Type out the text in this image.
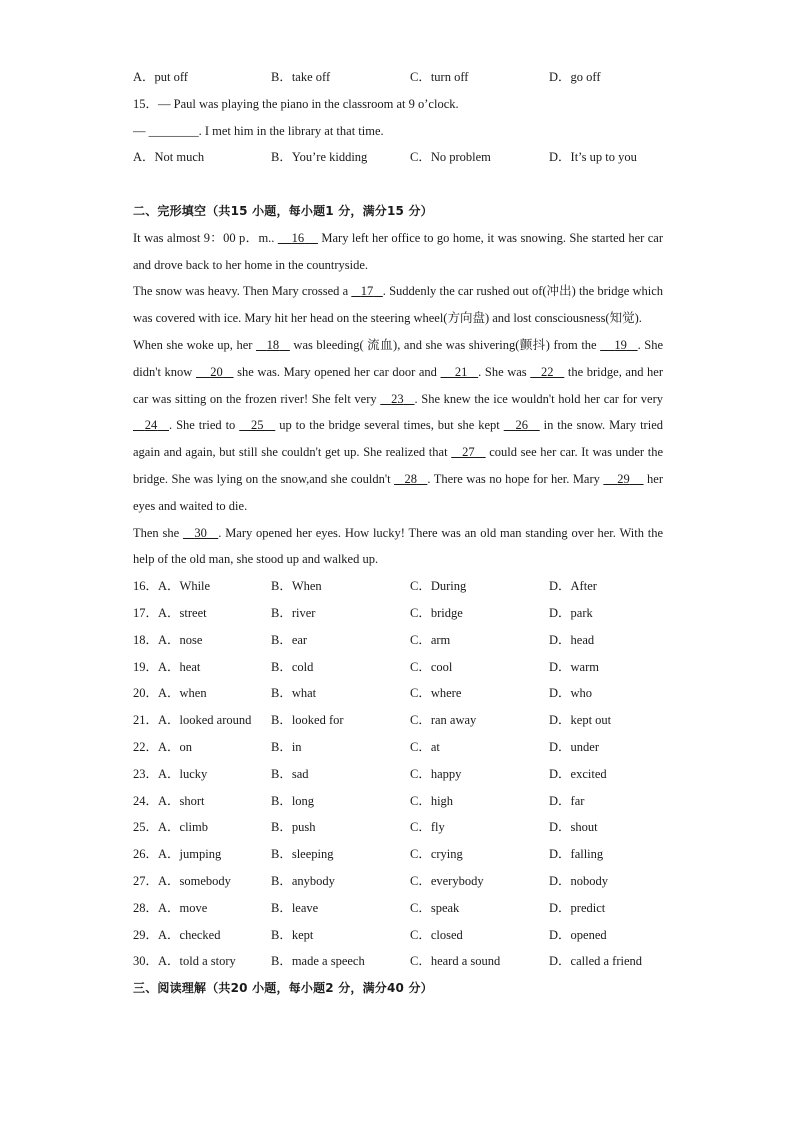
A．put off	B．take off	C．turn off	D．go off
15．— Paul was playing the piano in the classroom at 9 o’clock.
— ________. I met him in the library at that time.
A．Not much	B．You’re kidding	C．No problem	D．It’s up to you
二、完形填空（共15 小题，每小题1 分，满分15 分）

It was almost 9：00 p．m..     16     Mary left her office to go home, it was snowing. She started her car and drove back to her home in the countryside.

The snow was heavy. Then Mary crossed a    17 . Suddenly the car rushed out of(冲出) the bridge which was covered with ice. Mary hit her head on the steering wheel(方向盘) and lost consciousness(知觉).

When she woke up, her    18    was bleeding( 流血), and she was shivering(颤抖) from the     19 . She didn't know     20    she was. Mary opened her car door and     21 . She was    22    the bridge, and her car was sitting on the frozen river! She felt very    23 . She knew the ice wouldn't hold her car for very    24 . She tried to    25    up to the bridge several times, but she kept    26    in the snow. Mary tried again and again, but still she couldn't get up. She realized that    27    could see her car. It was under the bridge. She was lying on the snow,and she couldn't    28 . There was no hope for her. Mary     29     her eyes and waited to die.

Then she    30 . Mary opened her eyes. How lucky! There was an old man standing over her. With the help of the old man, she stood up and walked up.

16．A．While	B．When	C．During	D．After
17．A．street	B．river	C．bridge	D．park
18．A．nose	B．ear	C．arm	D．head
19．A．heat	B．cold	C．cool	D．warm
20．A．when	B．what	C．where	D．who
21．A．looked around B．looked for	C．ran away	D．kept out
22．A．on	B．in	C．at	D．under
23．A．lucky	B．sad	C．happy	D．excited
24．A．short	B．long	C．high	D．far
25．A．climb	B．push	C．fly	D．shout
26．A．jumping	B．sleeping	C．crying	D．falling
27．A．somebody	B．anybody	C．everybody	D．nobody
28．A．move	B．leave	C．speak	D．predict
29．A．checked	B．kept	C．closed	D．opened
30．A．told a story	B．made a speech	C．heard a sound	D．called a friend
三、阅读理解（共20 小题，每小题2 分，满分40 分）
